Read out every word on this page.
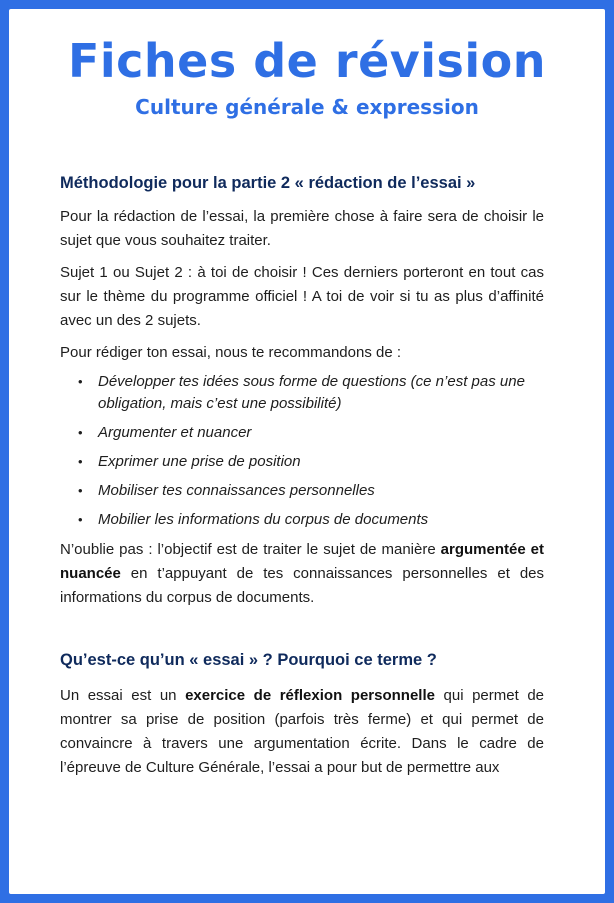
Fiches de révision
Culture générale & expression
Méthodologie pour la partie 2 « rédaction de l’essai »

Pour la rédaction de l’essai, la première chose à faire sera de choisir le sujet que vous souhaitez traiter.

Sujet 1 ou Sujet 2 : à toi de choisir ! Ces derniers porteront en tout cas sur le thème du programme officiel ! A toi de voir si tu as plus d’affinité avec un des 2 sujets.

Pour rédiger ton essai, nous te recommandons de :

• Développer tes idées sous forme de questions (ce n’est pas une obligation, mais c’est une possibilité)
• Argumenter et nuancer
• Exprimer une prise de position
• Mobiliser tes connaissances personnelles
• Mobilier les informations du corpus de documents

N’oublie pas : l’objectif est de traiter le sujet de manière argumentée et nuancée en t’appuyant de tes connaissances personnelles et des informations du corpus de documents.

Qu’est-ce qu’un « essai » ? Pourquoi ce terme ?

Un essai est un exercice de réflexion personnelle qui permet de montrer sa prise de position (parfois très ferme) et qui permet de convaincre à travers une argumentation écrite. Dans le cadre de l’épreuve de Culture Générale, l’essai a pour but de permettre aux
